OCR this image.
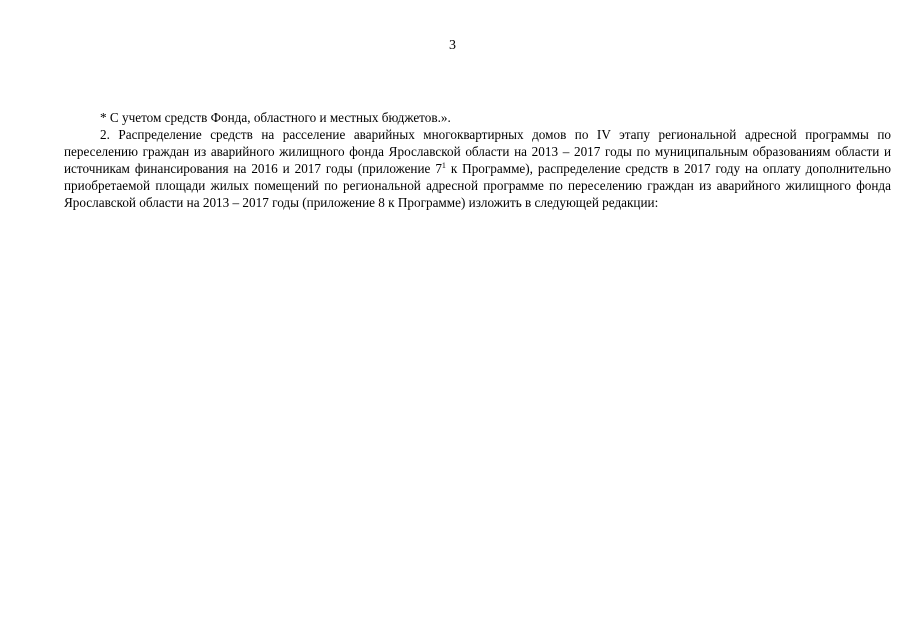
3

* С учетом средств Фонда, областного и местных бюджетов.».

2. Распределение средств на расселение аварийных многоквартирных домов по IV этапу региональной адресной программы по переселению граждан из аварийного жилищного фонда Ярославской области на 2013 – 2017 годы по муниципальным образованиям области и источникам финансирования на 2016 и 2017 годы (приложение $7^1$ к Программе), распределение средств в 2017 году на оплату дополнительно приобретаемой площади жилых помещений по региональной адресной программе по переселению граждан из аварийного жилищного фонда Ярославской области на 2013 – 2017 годы (приложение 8 к Программе) изложить в следующей редакции:
